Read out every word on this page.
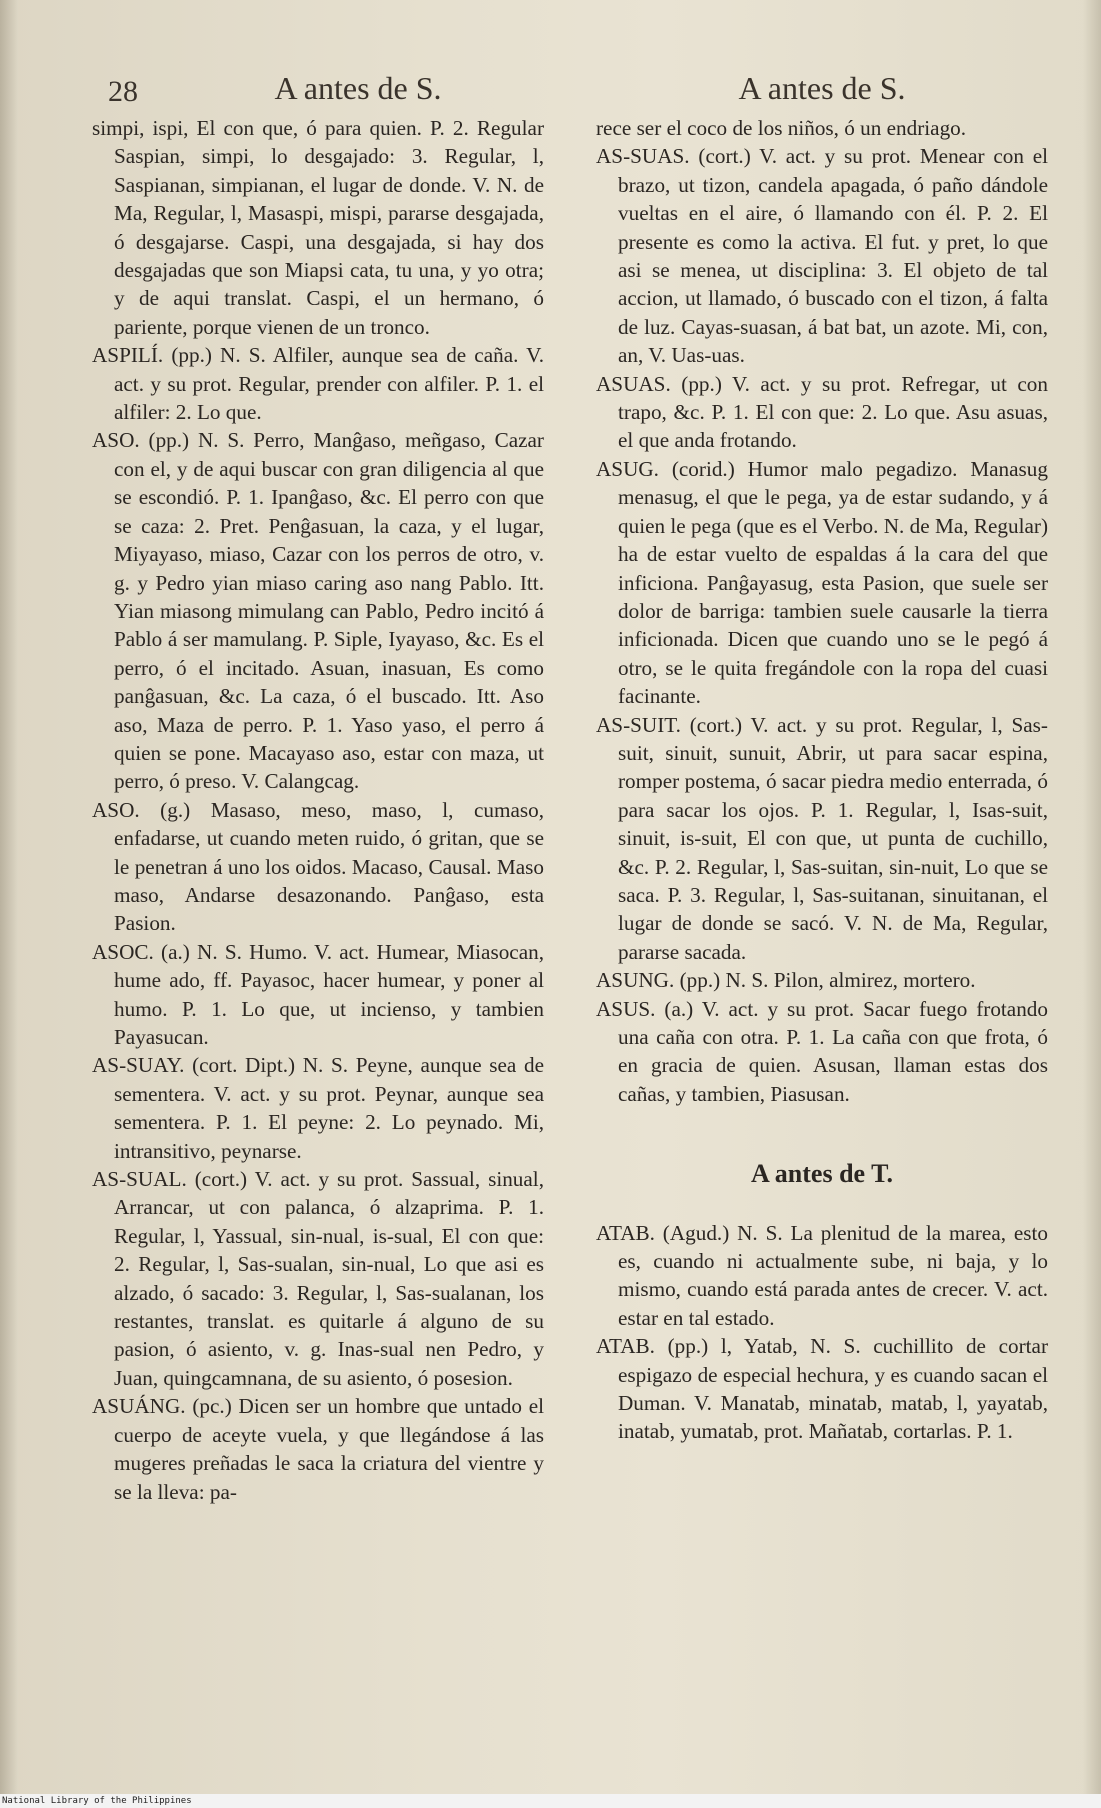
28	A antes de S.

simpi, ispi, El con que, ó para quien. P. 2. Regular Saspian, simpi, lo desgajado: 3. Regular, l, Saspianan, simpianan, el lugar de donde. V. N. de Ma, Regular, l, Masaspi, mispi, pararse desgajada, ó desgajarse. Caspi, una desgajada, si hay dos desgajadas que son Miapsi cata, tu una, y yo otra; y de aqui translat. Caspi, el un hermano, ó pariente, porque vienen de un tronco.

ASPILÍ. (pp.) N. S. Alfiler, aunque sea de caña. V. act. y su prot. Regular, prender con alfiler. P. 1. el alfiler: 2. Lo que.

ASO. (pp.) N. S. Perro, Manĝaso, meñgaso, Cazar con el, y de aqui buscar con gran diligencia al que se escondió. P. 1. Ipanĝaso, &c. El perro con que se caza: 2. Pret. Penĝasuan, la caza, y el lugar, Miyayaso, miaso, Cazar con los perros de otro, v. g. y Pedro yian miaso caring aso nang Pablo. Itt. Yian miasong mimulang can Pablo, Pedro incitó á Pablo á ser mamulang. P. Siple, Iyayaso, &c. Es el perro, ó el incitado. Asuan, inasuan, Es como panĝasuan, &c. La caza, ó el buscado. Itt. Aso aso, Maza de perro. P. 1. Yaso yaso, el perro á quien se pone. Macayaso aso, estar con maza, ut perro, ó preso. V. Calangcag.

ASO. (g.) Masaso, meso, maso, l, cumaso, enfadarse, ut cuando meten ruido, ó gritan, que se le penetran á uno los oidos. Macaso, Causal. Maso maso, Andarse desazonando. Panĝaso, esta Pasion.

ASOC. (a.) N. S. Humo. V. act. Humear, Miasocan, hume ado, ff. Payasoc, hacer humear, y poner al humo. P. 1. Lo que, ut incienso, y tambien Payasucan.

AS-SUAY. (cort. Dipt.) N. S. Peyne, aunque sea de sementera. V. act. y su prot. Peynar, aunque sea sementera. P. 1. El peyne: 2. Lo peynado. Mi, intransitivo, peynarse.

AS-SUAL. (cort.) V. act. y su prot. Sassual, sinual, Arrancar, ut con palanca, ó alzaprima. P. 1. Regular, l, Yassual, sin-nual, is-sual, El con que: 2. Regular, l, Sas-sualan, sin-nual, Lo que asi es alzado, ó sacado: 3. Regular, l, Sas-sualanan, los restantes, translat. es quitarle á alguno de su pasion, ó asiento, v. g. Inas-sual nen Pedro, y Juan, quingcamnana, de su asiento, ó posesion.

ASUÁNG. (pc.) Dicen ser un hombre que untado el cuerpo de aceyte vuela, y que llegándose á las mugeres preñadas le saca la criatura del vientre y se la lleva: pa-

A antes de S.

rece ser el coco de los niños, ó un endriago.

AS-SUAS. (cort.) V. act. y su prot. Menear con el brazo, ut tizon, candela apagada, ó paño dándole vueltas en el aire, ó llamando con él. P. 2. El presente es como la activa. El fut. y pret, lo que asi se menea, ut disciplina: 3. El objeto de tal accion, ut llamado, ó buscado con el tizon, á falta de luz. Cayas-suasan, á bat bat, un azote. Mi, con, an, V. Uas-uas.

ASUAS. (pp.) V. act. y su prot. Refregar, ut con trapo, &c. P. 1. El con que: 2. Lo que. Asu asuas, el que anda frotando.

ASUG. (corid.) Humor malo pegadizo. Manasug menasug, el que le pega, ya de estar sudando, y á quien le pega (que es el Verbo. N. de Ma, Regular) ha de estar vuelto de espaldas á la cara del que inficiona. Panĝayasug, esta Pasion, que suele ser dolor de barriga: tambien suele causarle la tierra inficionada. Dicen que cuando uno se le pegó á otro, se le quita fregándole con la ropa del cuasi facinante.

AS-SUIT. (cort.) V. act. y su prot. Regular, l, Sas-suit, sinuit, sunuit, Abrir, ut para sacar espina, romper postema, ó sacar piedra medio enterrada, ó para sacar los ojos. P. 1. Regular, l, Isas-suit, sinuit, is-suit, El con que, ut punta de cuchillo, &c. P. 2. Regular, l, Sas-suitan, sin-nuit, Lo que se saca. P. 3. Regular, l, Sas-suitanan, sinuitanan, el lugar de donde se sacó. V. N. de Ma, Regular, pararse sacada.

ASUNG. (pp.) N. S. Pilon, almirez, mortero.

ASUS. (a.) V. act. y su prot. Sacar fuego frotando una caña con otra. P. 1. La caña con que frota, ó en gracia de quien. Asusan, llaman estas dos cañas, y tambien, Piasusan.

A antes de T.

ATAB. (Agud.) N. S. La plenitud de la marea, esto es, cuando ni actualmente sube, ni baja, y lo mismo, cuando está parada antes de crecer. V. act. estar en tal estado.

ATAB. (pp.) l, Yatab, N. S. cuchillito de cortar espigazo de especial hechura, y es cuando sacan el Duman. V. Manatab, minatab, matab, l, yayatab, inatab, yumatab, prot. Mañatab, cortarlas. P. 1.

National Library of the Philippines
